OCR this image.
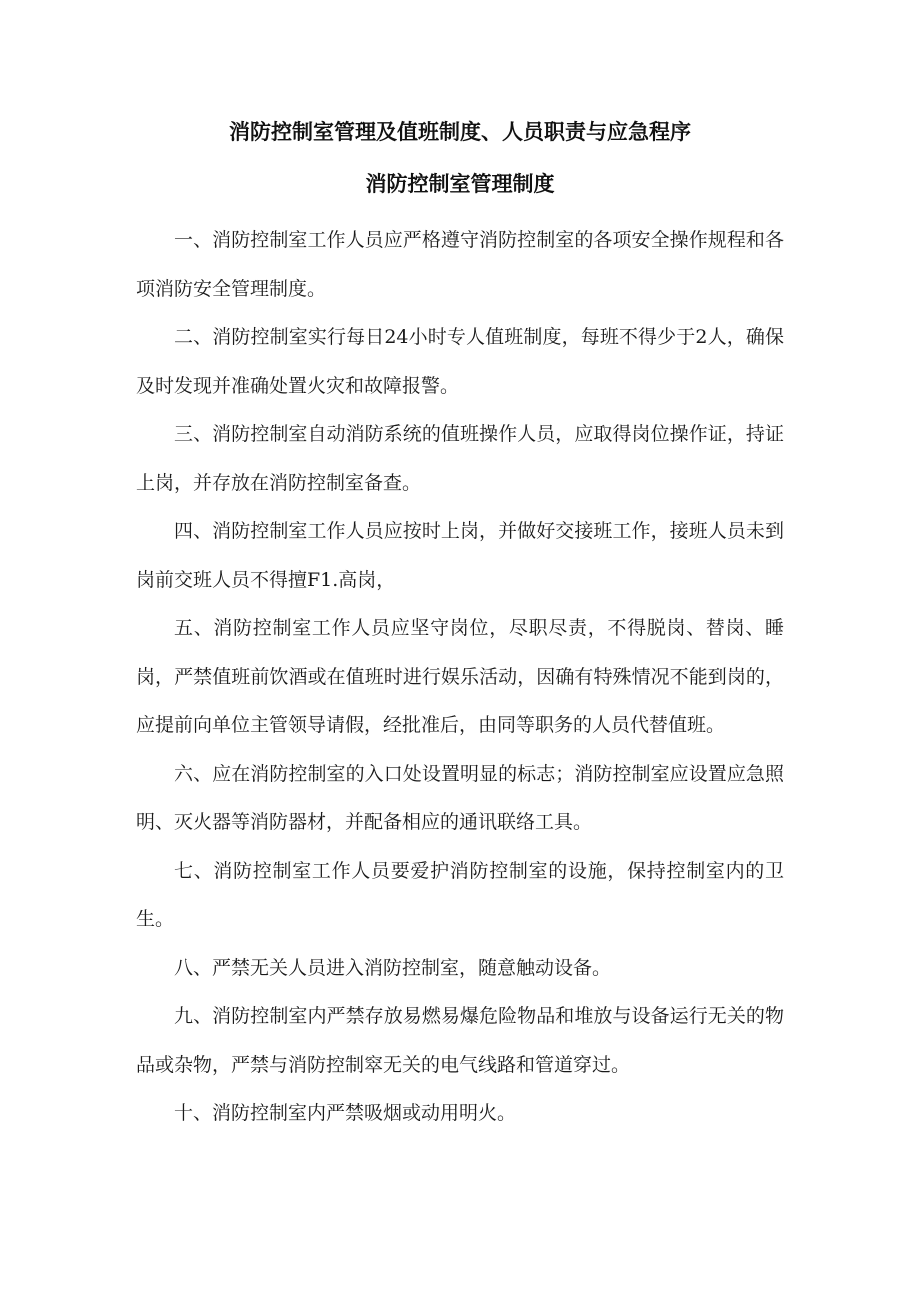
消防控制室管理及值班制度、人员职责与应急程序
消防控制室管理制度

一、消防控制室工作人员应严格遵守消防控制室的各项安全操作规程和各项消防安全管理制度。

二、消防控制室实行每日24小时专人值班制度，每班不得少于2人，确保及时发现并准确处置火灾和故障报警。

三、消防控制室自动消防系统的值班操作人员，应取得岗位操作证，持证上岗，并存放在消防控制室备查。

四、消防控制室工作人员应按时上岗，并做好交接班工作，接班人员未到岗前交班人员不得擅F1.高岗，

五、消防控制室工作人员应坚守岗位，尽职尽责，不得脱岗、替岗、睡岗，严禁值班前饮酒或在值班时进行娱乐活动，因确有特殊情况不能到岗的，应提前向单位主管领导请假，经批准后，由同等职务的人员代替值班。

六、应在消防控制室的入口处设置明显的标志；消防控制室应设置应急照明、灭火器等消防器材，并配备相应的通讯联络工具。

七、消防控制室工作人员要爱护消防控制室的设施，保持控制室内的卫生。

八、严禁无关人员进入消防控制室，随意触动设备。

九、消防控制室内严禁存放易燃易爆危险物品和堆放与设备运行无关的物品或杂物，严禁与消防控制窣无关的电气线路和管道穿过。

十、消防控制室内严禁吸烟或动用明火。
